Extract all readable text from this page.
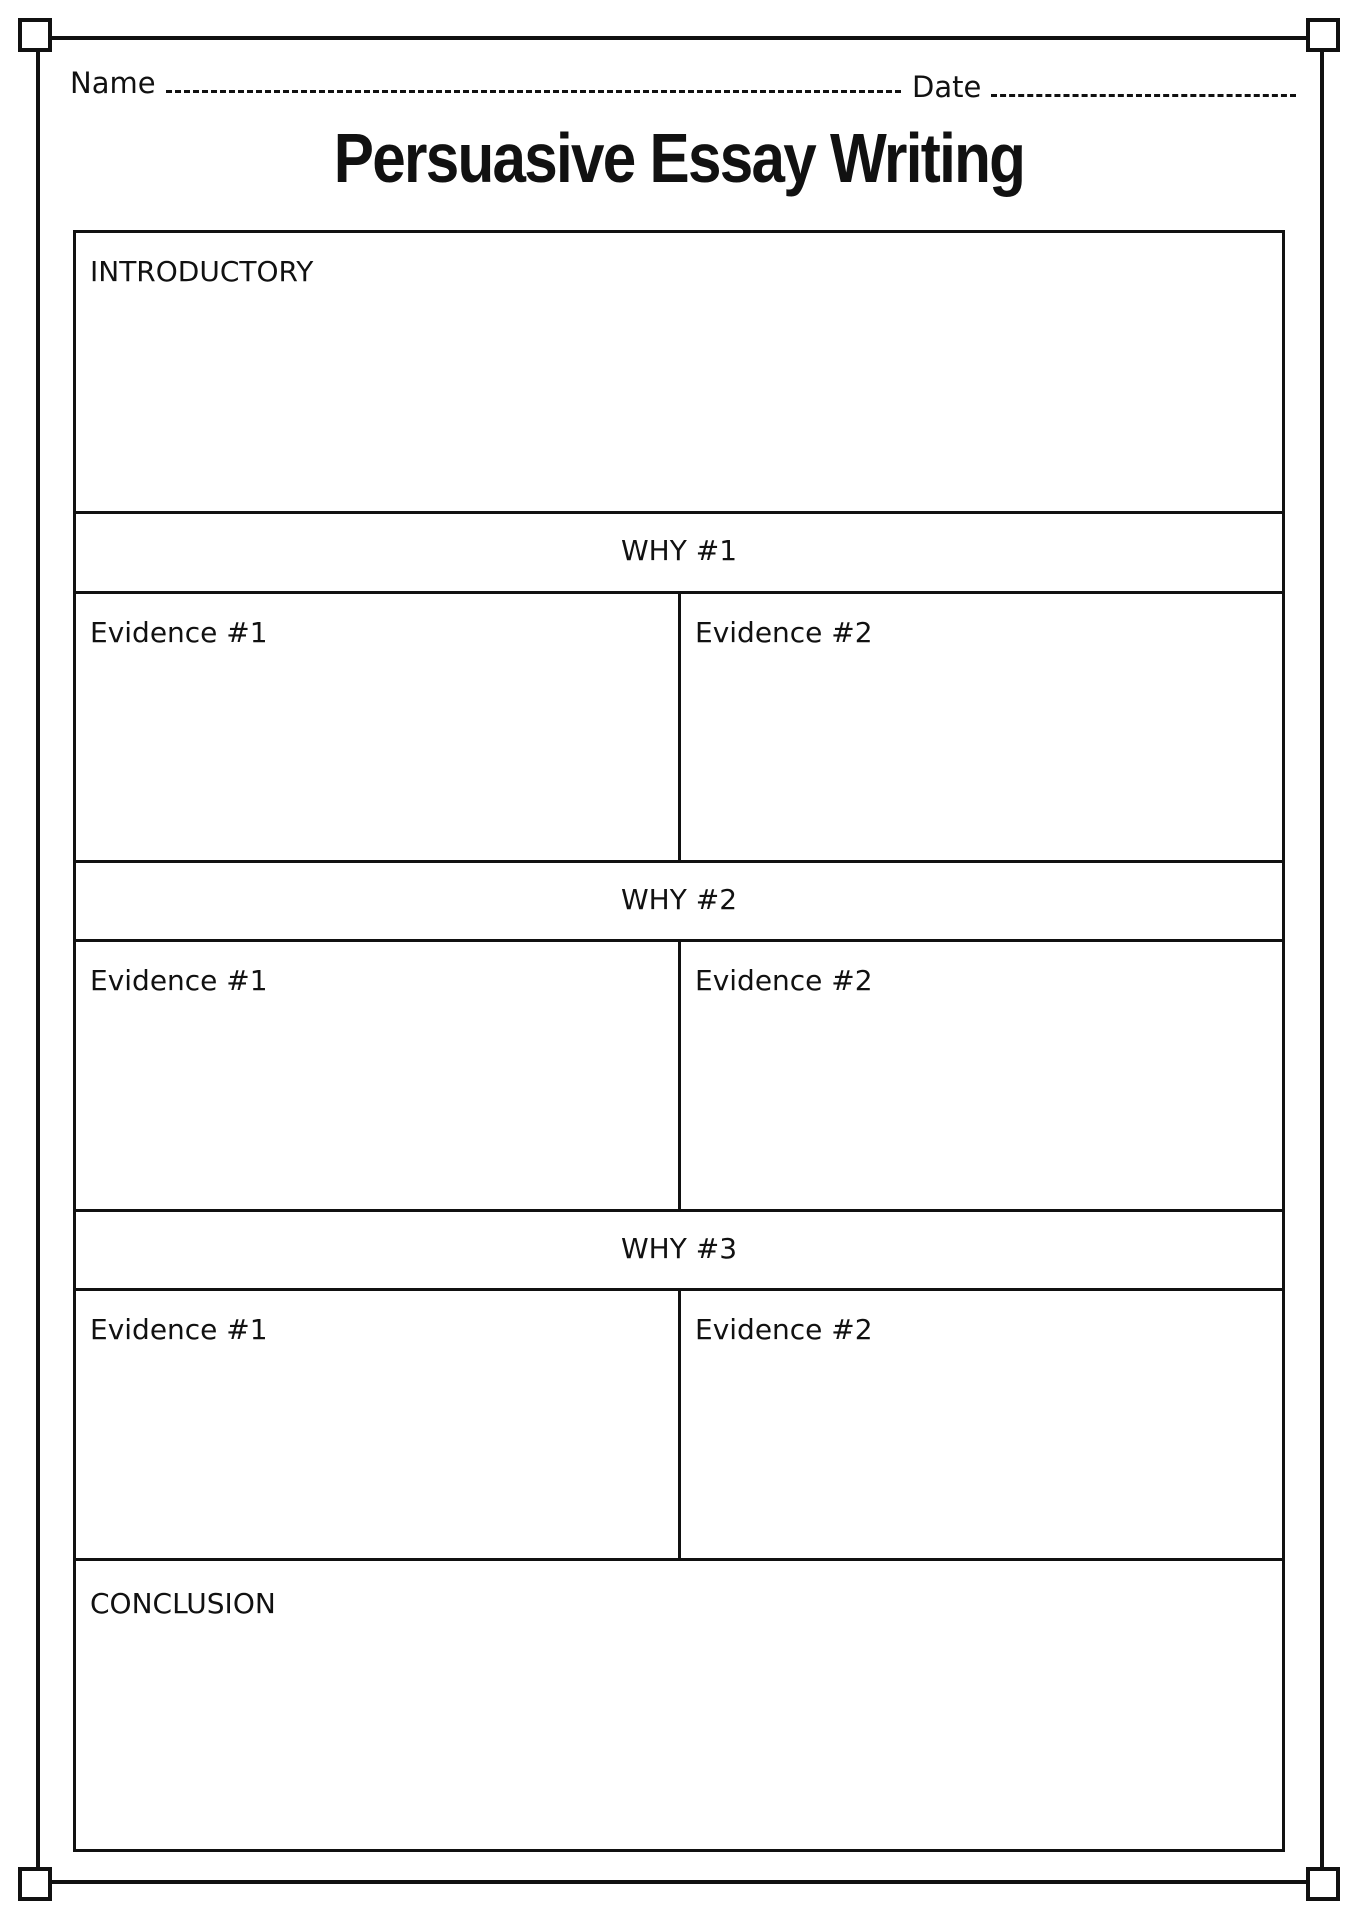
Name	Date
Persuasive Essay Writing
INTRODUCTORY
WHY #1
Evidence #1	Evidence #2
WHY #2
Evidence #1	Evidence #2
WHY #3
Evidence #1	Evidence #2
CONCLUSION
